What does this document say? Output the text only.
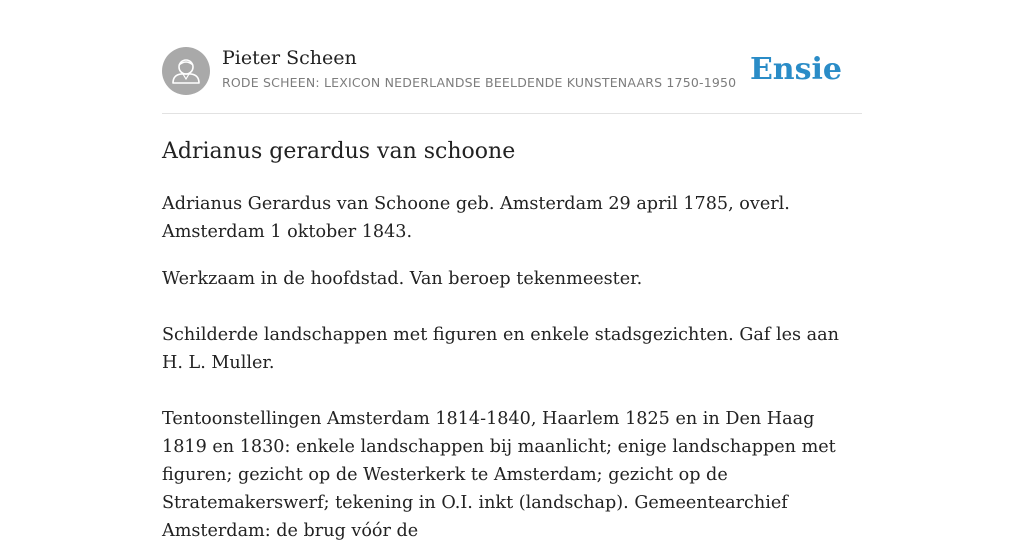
Pieter Scheen
RODE SCHEEN: LEXICON NEDERLANDSE BEELDENDE KUNSTENAARS 1750-1950 Ensie
Adrianus gerardus van schoone

Adrianus Gerardus van Schoone geb. Amsterdam 29 april 1785, overl. Amsterdam 1 oktober 1843.

Werkzaam in de hoofdstad. Van beroep tekenmeester.

Schilderde landschappen met figuren en enkele stadsgezichten. Gaf les aan H. L. Muller.

Tentoonstellingen Amsterdam 1814-1840, Haarlem 1825 en in Den Haag 1819 en 1830: enkele landschappen bij maanlicht; enige landschappen met figuren; gezicht op de Westerkerk te Amsterdam; gezicht op de Stratemakerswerf; tekening in O.I. inkt (landschap). Gemeentearchief Amsterdam: de brug vóór de
